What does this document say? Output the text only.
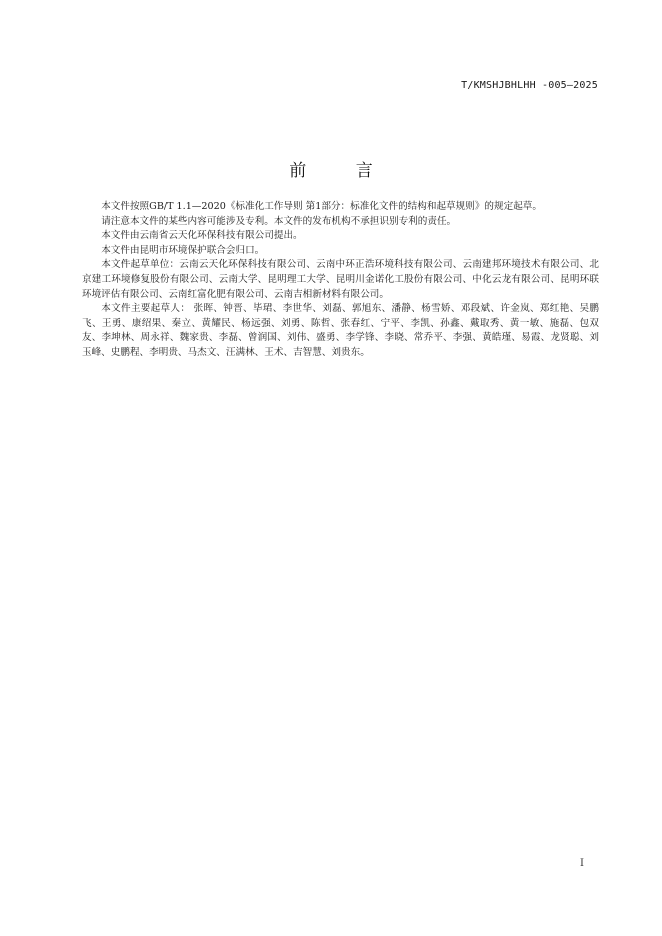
T/KMSHJBHLHH -005—2025
前 言

本文件按照GB/T 1.1—2020《标准化工作导则 第1部分：标准化文件的结构和起草规则》的规定起草。

请注意本文件的某些内容可能涉及专利。本文件的发布机构不承担识别专利的责任。

本文件由云南省云天化环保科技有限公司提出。

本文件由昆明市环境保护联合会归口。

本文件起草单位：云南云天化环保科技有限公司、云南中环正浩环境科技有限公司、云南建邦环境技术有限公司、北京建工环境修复股份有限公司、云南大学、昆明理工大学、昆明川金诺化工股份有限公司、中化云龙有限公司、昆明环联环境评估有限公司、云南红富化肥有限公司、云南吉相新材料有限公司。

本文件主要起草人： 张晖、钟晋、毕珺、李世华、刘磊、郭旭东、潘静、杨雪娇、邓段斌、许金岚、郑红艳、吴鹏飞、王勇、康绍果、秦立、黄耀民、杨远强、刘勇、陈哲、张春红、宁平、李凯、孙鑫、戴取秀、黄一敏、施磊、包双友、李坤林、周永祥、魏家贵、李磊、曾润国、刘伟、盛勇、李学锋、李晓、常乔平、李强、黄皓瑾、易霞、龙贤聪、刘玉峰、史鹏程、李明贵、马杰文、汪满林、王术、吉智慧、刘贵东。

I
